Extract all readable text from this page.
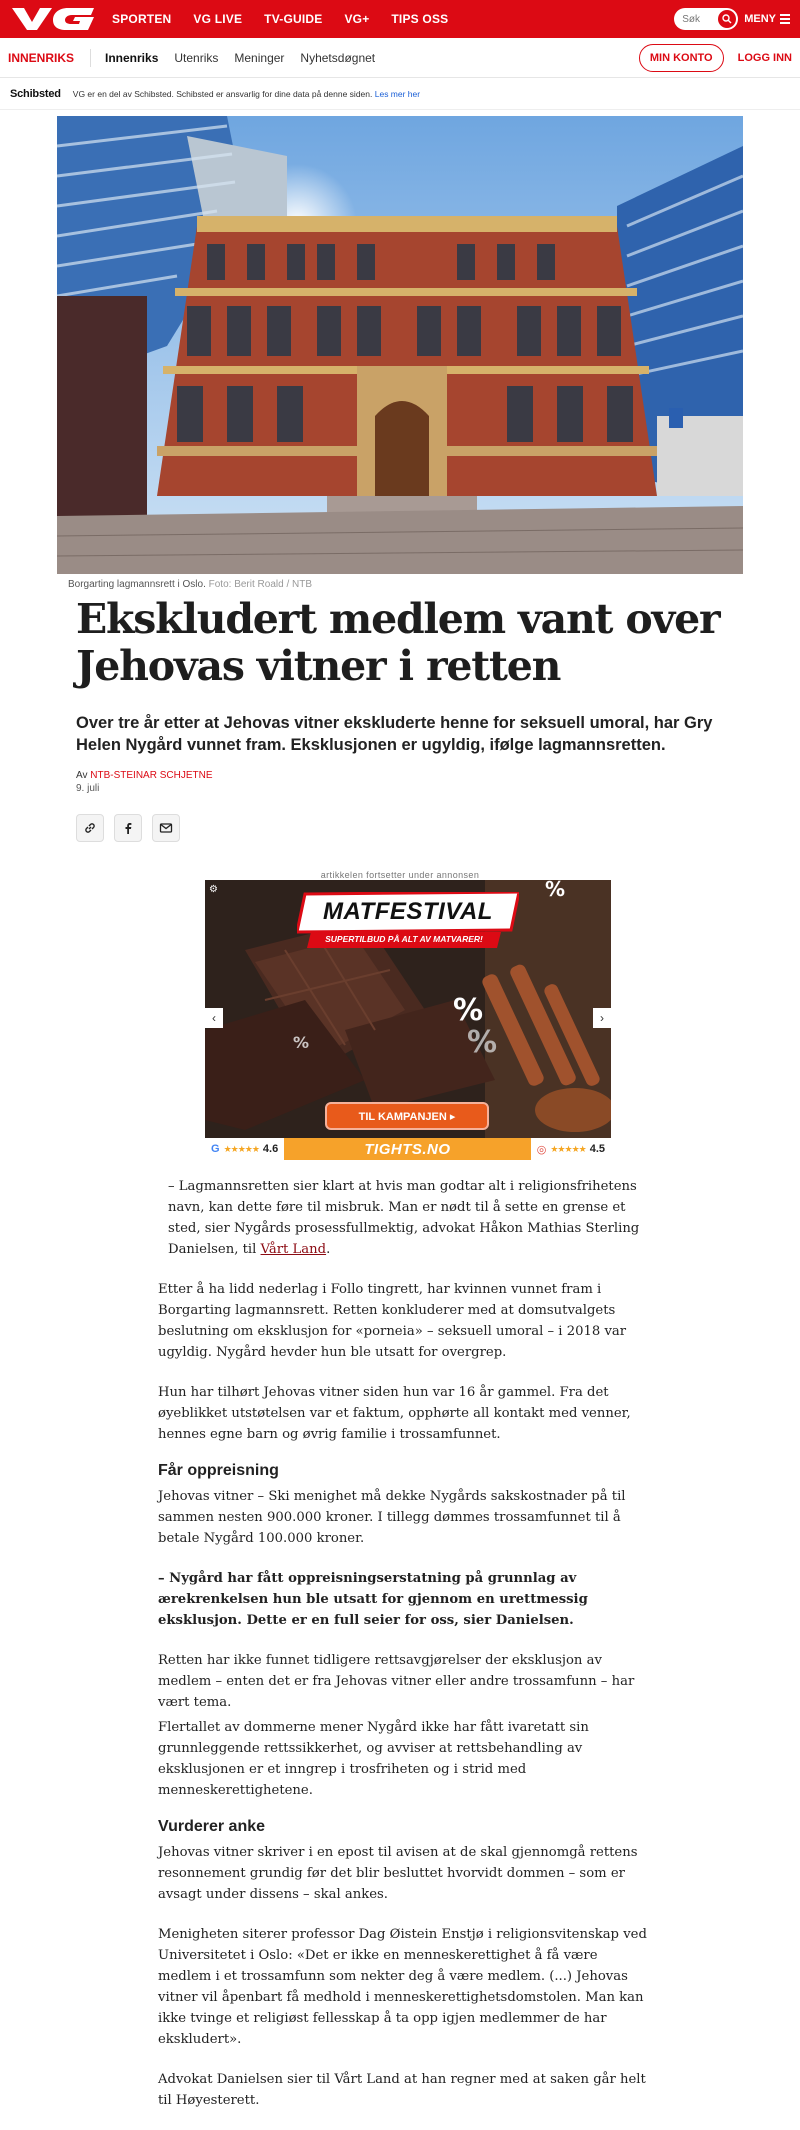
SPORTEN VG LIVE TV-GUIDE VG+ TIPS OSS	Søk	MENY
INNENRIKS	Innenriks Utenriks Meninger Nyhetsdøgnet	MIN KONTO	LOGG INN
Schibsted VG er en del av Schibsted. Schibsted er ansvarlig for dine data på denne siden. Les mer her
Borgarting lagmannsrett i Oslo. Foto: Berit Roald / NTB
Ekskludert medlem vant over Jehovas vitner i retten

Over tre år etter at Jehovas vitner ekskluderte henne for seksuell umoral, har Gry Helen Nygård vunnet fram. Eksklusjonen er ugyldig, ifølge lagmannsretten.

Av NTB-STEINAR SCHJETNE
9. juli
artikkelen fortsetter under annonsen
%
%
%
%
⚙
MATFESTIVAL
SUPERTILBUD PÅ ALT AV MATVARER!
‹	›
TIL KAMPANJEN ▸
G ★★★★★ 4.6	TIGHTS.NO	◎ ★★★★★ 4.5

– Lagmannsretten sier klart at hvis man godtar alt i religionsfrihetens navn, kan dette føre til misbruk. Man er nødt til å sette en grense et sted, sier Nygårds prosessfullmektig, advokat Håkon Mathias Sterling Danielsen, til Vårt Land.

Etter å ha lidd nederlag i Follo tingrett, har kvinnen vunnet fram i Borgarting lagmannsrett. Retten konkluderer med at domsutvalgets beslutning om eksklusjon for «porneia» – seksuell umoral – i 2018 var ugyldig. Nygård hevder hun ble utsatt for overgrep.

Hun har tilhørt Jehovas vitner siden hun var 16 år gammel. Fra det øyeblikket utstøtelsen var et faktum, opphørte all kontakt med venner, hennes egne barn og øvrig familie i trossamfunnet.

Får oppreisning

Jehovas vitner – Ski menighet må dekke Nygårds sakskostnader på til sammen nesten 900.000 kroner. I tillegg dømmes trossamfunnet til å betale Nygård 100.000 kroner.

– Nygård har fått oppreisningserstatning på grunnlag av ærekrenkelsen hun ble utsatt for gjennom en urettmessig eksklusjon. Dette er en full seier for oss, sier Danielsen.

Retten har ikke funnet tidligere rettsavgjørelser der eksklusjon av medlem – enten det er fra Jehovas vitner eller andre trossamfunn – har vært tema.

Flertallet av dommerne mener Nygård ikke har fått ivaretatt sin grunnleggende rettssikkerhet, og avviser at rettsbehandling av eksklusjonen er et inngrep i trosfriheten og i strid med menneskerettighetene.

Vurderer anke

Jehovas vitner skriver i en epost til avisen at de skal gjennomgå rettens resonnement grundig før det blir besluttet hvorvidt dommen – som er avsagt under dissens – skal ankes.

Menigheten siterer professor Dag Øistein Enstjø i religionsvitenskap ved Universitetet i Oslo: «Det er ikke en menneskerettighet å få være medlem i et trossamfunn som nekter deg å være medlem. (...) Jehovas vitner vil åpenbart få medhold i menneskerettighetsdomstolen. Man kan ikke tvinge et religiøst fellesskap å ta opp igjen medlemmer de har ekskludert».

Advokat Danielsen sier til Vårt Land at han regner med at saken går helt til Høyesterett.
